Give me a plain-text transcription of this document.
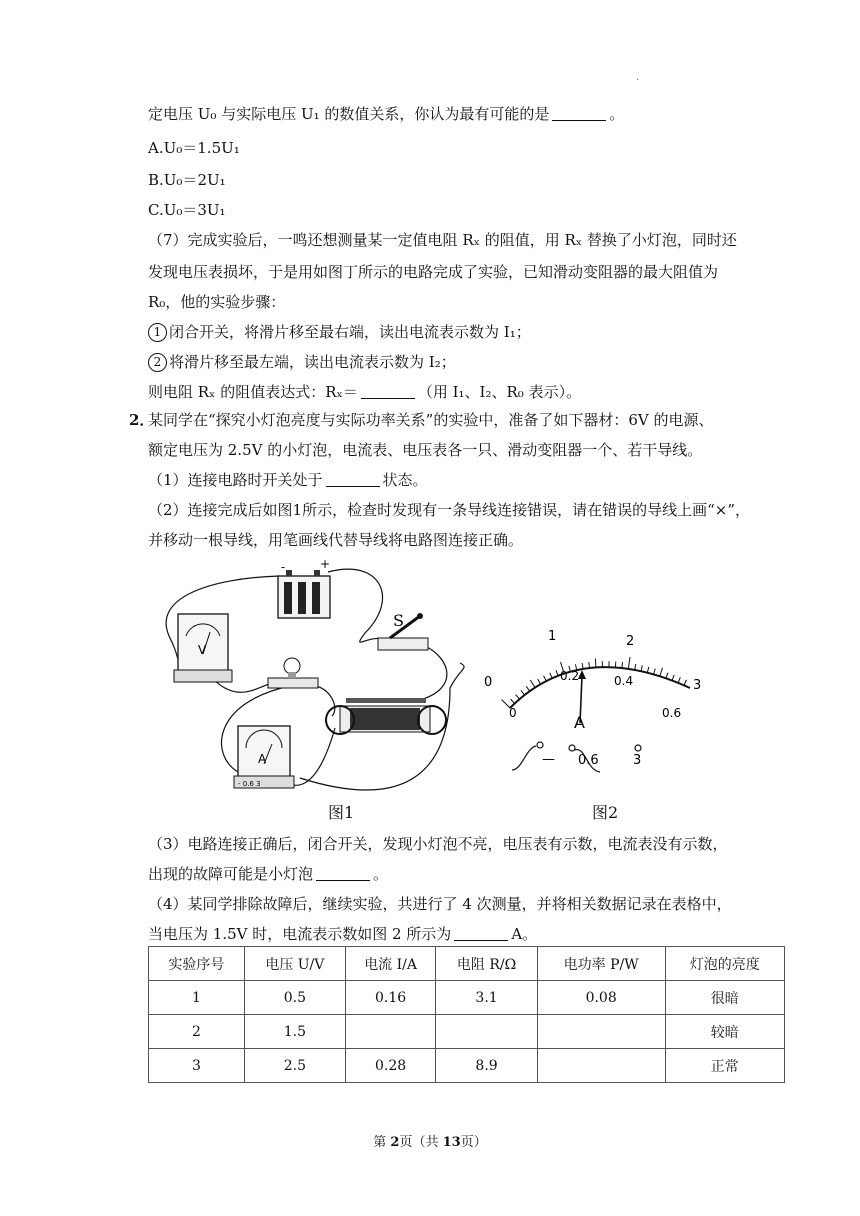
.
定电压 U₀ 与实际电压 U₁ 的数值关系，你认为最有可能的是	。
A.U₀＝1.5U₁
B.U₀＝2U₁
C.U₀＝3U₁
（7）完成实验后，一鸣还想测量某一定值电阻 Rₓ 的阻值，用 Rₓ 替换了小灯泡，同时还
发现电压表损坏，于是用如图丁所示的电路完成了实验，已知滑动变阻器的最大阻值为
R₀，他的实验步骤：
1 闭合开关，将滑片移至最右端，读出电流表示数为 I₁；
2 将滑片移至最左端，读出电流表示数为 I₂；
则电阻 Rₓ 的阻值表达式：Rₓ＝	（用 I₁、I₂、R₀ 表示）。
2．
某同学在“探究小灯泡亮度与实际功率关系”的实验中，准备了如下器材：6V 的电源、
额定电压为 2.5V 的小灯泡，电流表、电压表各一只、滑动变阻器一个、若干导线。
（1）连接电路时开关处于	状态。
（2）连接完成后如图1所示，检查时发现有一条导线连接错误，请在错误的导线上画“×”，
并移动一根导线，用笔画线代替导线将电路图连接正确。
-	+
S
V
A
- 0.6 3
1
0
2
3
0
0.2	0.4
0.6
A
— 0.6	3
图1	图2
（3）电路连接正确后，闭合开关，发现小灯泡不亮，电压表有示数，电流表没有示数，
出现的故障可能是小灯泡	。
（4）某同学排除故障后，继续实验，共进行了 4 次测量，并将相关数据记录在表格中，
当电压为 1.5V 时，电流表示数如图 2 所示为	A。
实验序号	电压 U/V	电流 I/A	电阻 R/Ω	电功率 P/W	灯泡的亮度
1	0.5	0.16	3.1	0.08	很暗
2	1.5				较暗
3	2.5	0.28	8.9		正常
第 2页（共 13页）
